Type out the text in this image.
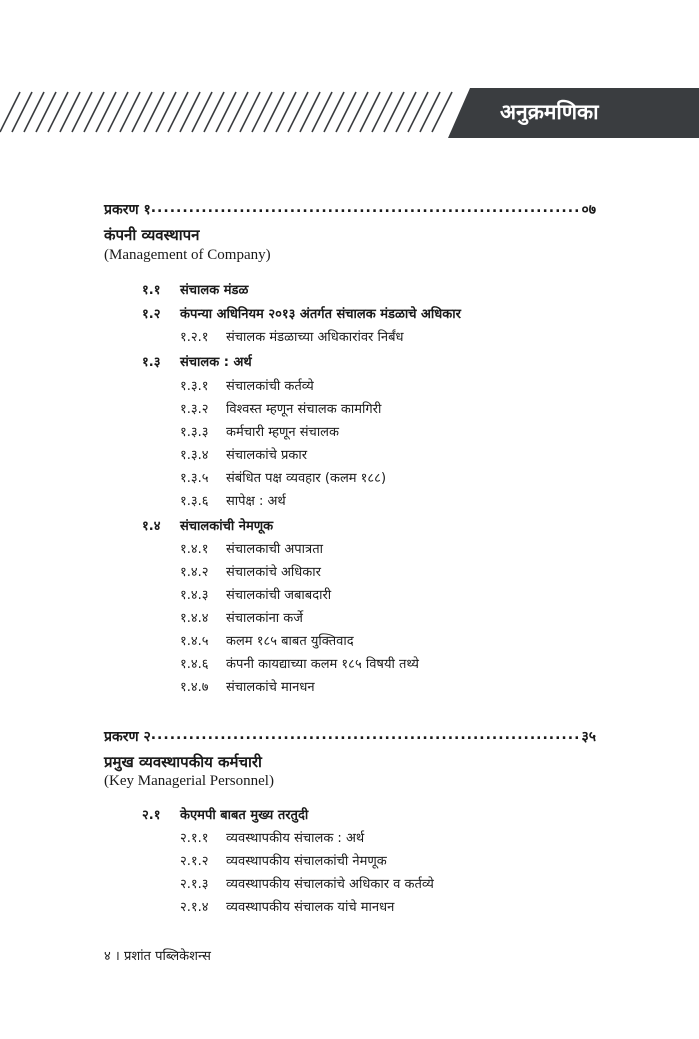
अनुक्रमणिका
प्रकरण १ .....	०७
कंपनी व्यवस्थापन
(Management of Company)
१.१ संचालक मंडळ
१.२ कंपन्या अधिनियम २०१३ अंतर्गत संचालक मंडळाचे अधिकार
१.२.१ संचालक मंडळाच्या अधिकारांवर निर्बंध
१.३ संचालक : अर्थ
१.३.१ संचालकांची कर्तव्ये
१.३.२ विश्वस्त म्हणून संचालक कामगिरी
१.३.३ कर्मचारी म्हणून संचालक
१.३.४ संचालकांचे प्रकार
१.३.५ संबंधित पक्ष व्यवहार (कलम १८८)
१.३.६ सापेक्ष : अर्थ
१.४ संचालकांची नेमणूक
१.४.१ संचालकाची अपात्रता
१.४.२ संचालकांचे अधिकार
१.४.३ संचालकांची जबाबदारी
१.४.४ संचालकांना कर्जे
१.४.५ कलम १८५ बाबत युक्तिवाद
१.४.६ कंपनी कायद्याच्या कलम १८५ विषयी तथ्ये
१.४.७ संचालकांचे मानधन
प्रकरण २ .....	३५
प्रमुख व्यवस्थापकीय कर्मचारी
(Key Managerial Personnel)
२.१ केएमपी बाबत मुख्य तरतुदी
२.१.१ व्यवस्थापकीय संचालक : अर्थ
२.१.२ व्यवस्थापकीय संचालकांची नेमणूक
२.१.३ व्यवस्थापकीय संचालकांचे अधिकार व कर्तव्ये
२.१.४ व्यवस्थापकीय संचालक यांचे मानधन
४ । प्रशांत पब्लिकेशन्स
